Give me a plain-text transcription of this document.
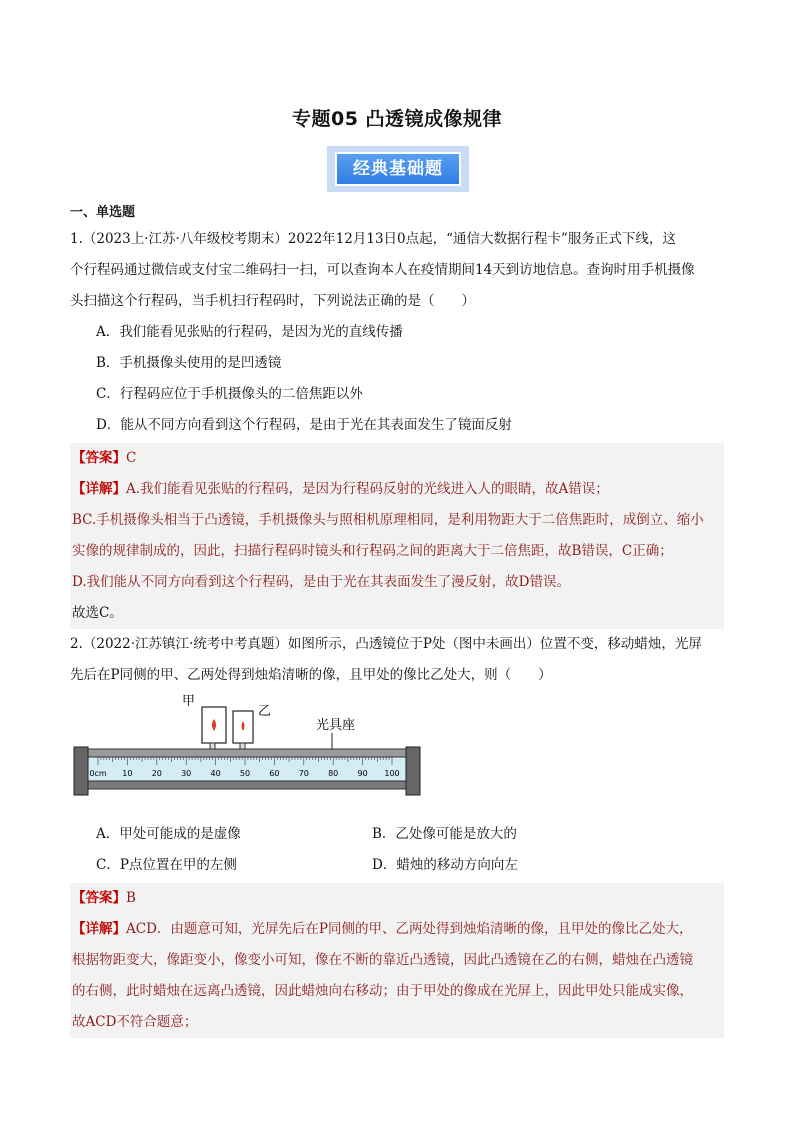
专题05 凸透镜成像规律
经典基础题
一、单选题
1.（2023上·江苏·八年级校考期末）2022年12月13日0点起，“通信大数据行程卡”服务正式下线，这
个行程码通过微信或支付宝二维码扫一扫，可以查询本人在疫情期间14天到访地信息。查询时用手机摄像
头扫描这个行程码，当手机扫行程码时，下列说法正确的是（　　）
A．我们能看见张贴的行程码，是因为光的直线传播
B．手机摄像头使用的是凹透镜
C．行程码应位于手机摄像头的二倍焦距以外
D．能从不同方向看到这个行程码，是由于光在其表面发生了镜面反射
【答案】C
【详解】A.我们能看见张贴的行程码，是因为行程码反射的光线进入人的眼睛，故A错误；
BC.手机摄像头相当于凸透镜，手机摄像头与照相机原理相同，是利用物距大于二倍焦距时，成倒立、缩小
实像的规律制成的，因此，扫描行程码时镜头和行程码之间的距离大于二倍焦距，故B错误，C正确；
D.我们能从不同方向看到这个行程码，是由于光在其表面发生了漫反射，故D错误。
故选C。
2.（2022·江苏镇江·统考中考真题）如图所示，凸透镜位于P处（图中未画出）位置不变，移动蜡烛，光屏
先后在P同侧的甲、乙两处得到烛焰清晰的像，且甲处的像比乙处大，则（　　）
甲
乙
光具座
0cm 10 20 30 40 50 60 70 80 90 100
A．甲处可能成的是虚像	B．乙处像可能是放大的
C．P点位置在甲的左侧	D．蜡烛的移动方向向左
【答案】B
【详解】ACD．由题意可知，光屏先后在P同侧的甲、乙两处得到烛焰清晰的像，且甲处的像比乙处大，
根据物距变大，像距变小，像变小可知，像在不断的靠近凸透镜，因此凸透镜在乙的右侧，蜡烛在凸透镜
的右侧，此时蜡烛在远离凸透镜，因此蜡烛向右移动；由于甲处的像成在光屏上，因此甲处只能成实像，
故ACD不符合题意；
